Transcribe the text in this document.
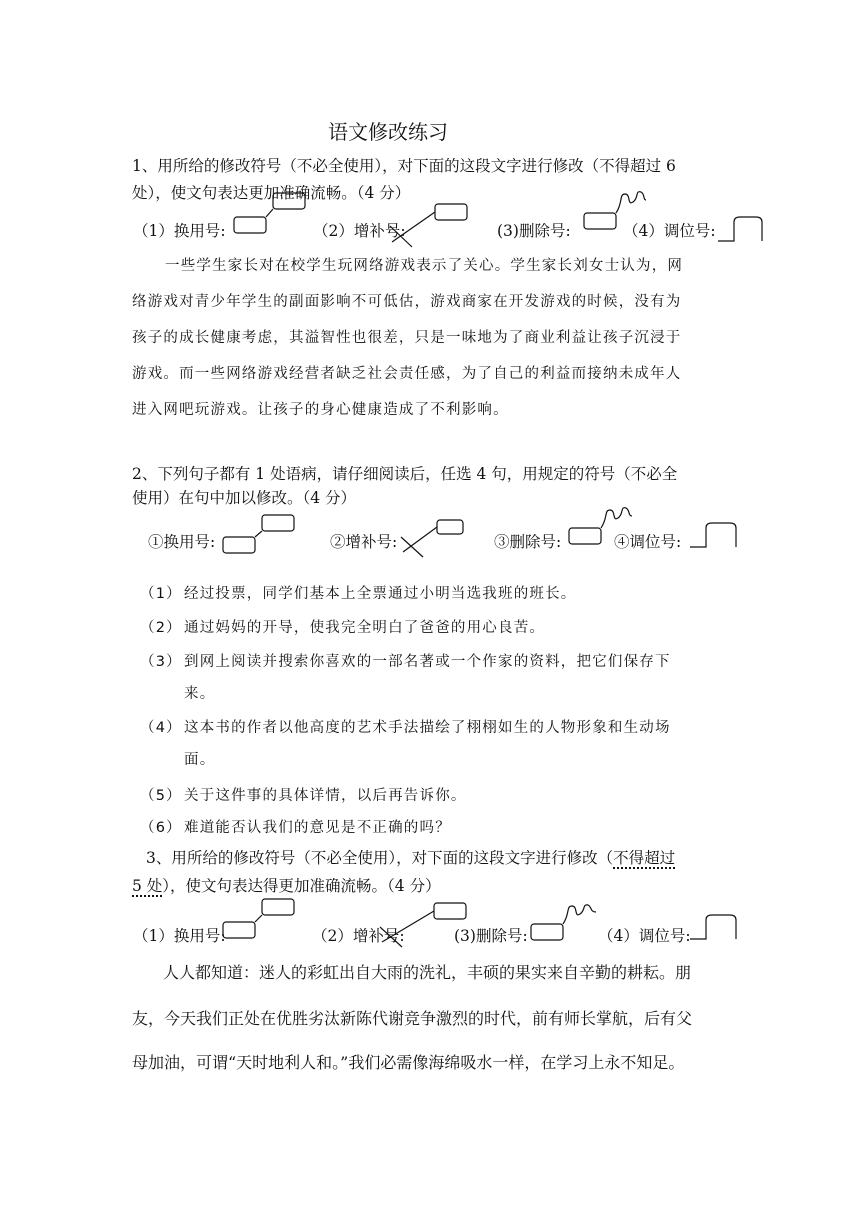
语文修改练习
1、用所给的修改符号（不必全使用），对下面的这段文字进行修改（不得超过 6
处），使文句表达更加准确流畅。（4 分）
（1）换用号:	（2）增补号:	(3)删除号:	（4）调位号:
一些学生家长对在校学生玩网络游戏表示了关心。学生家长刘女士认为，网
络游戏对青少年学生的副面影响不可低估，游戏商家在开发游戏的时候，没有为
孩子的成长健康考虑，其溢智性也很差，只是一味地为了商业利益让孩子沉浸于
游戏。而一些网络游戏经营者缺乏社会责任感，为了自己的利益而接纳未成年人
进入网吧玩游戏。让孩子的身心健康造成了不利影响。
2、下列句子都有 1 处语病，请仔细阅读后，任选 4 句，用规定的符号（不必全
使用）在句中加以修改。（4 分）
①换用号:	②增补号:	③删除号:	④调位号:
（1） 经过投票，同学们基本上全票通过小明当选我班的班长。
（2） 通过妈妈的开导，使我完全明白了爸爸的用心良苦。
（3） 到网上阅读并搜索你喜欢的一部名著或一个作家的资料，把它们保存下
来。
（4） 这本书的作者以他高度的艺术手法描绘了栩栩如生的人物形象和生动场
面。
（5） 关于这件事的具体详情，以后再告诉你。
（6） 难道能否认我们的意见是不正确的吗？
3、用所给的修改符号（不必全使用），对下面的这段文字进行修改（不得超过
5 处），使文句表达得更加准确流畅。（4 分）
（1）换用号:	（2）增补号:	(3)删除号:	（4）调位号:
人人都知道：迷人的彩虹出自大雨的洗礼，丰硕的果实来自辛勤的耕耘。朋
友，今天我们正处在优胜劣汰新陈代谢竞争激烈的时代，前有师长掌航，后有父
母加油，可谓“天时地利人和。”我们必需像海绵吸水一样，在学习上永不知足。
